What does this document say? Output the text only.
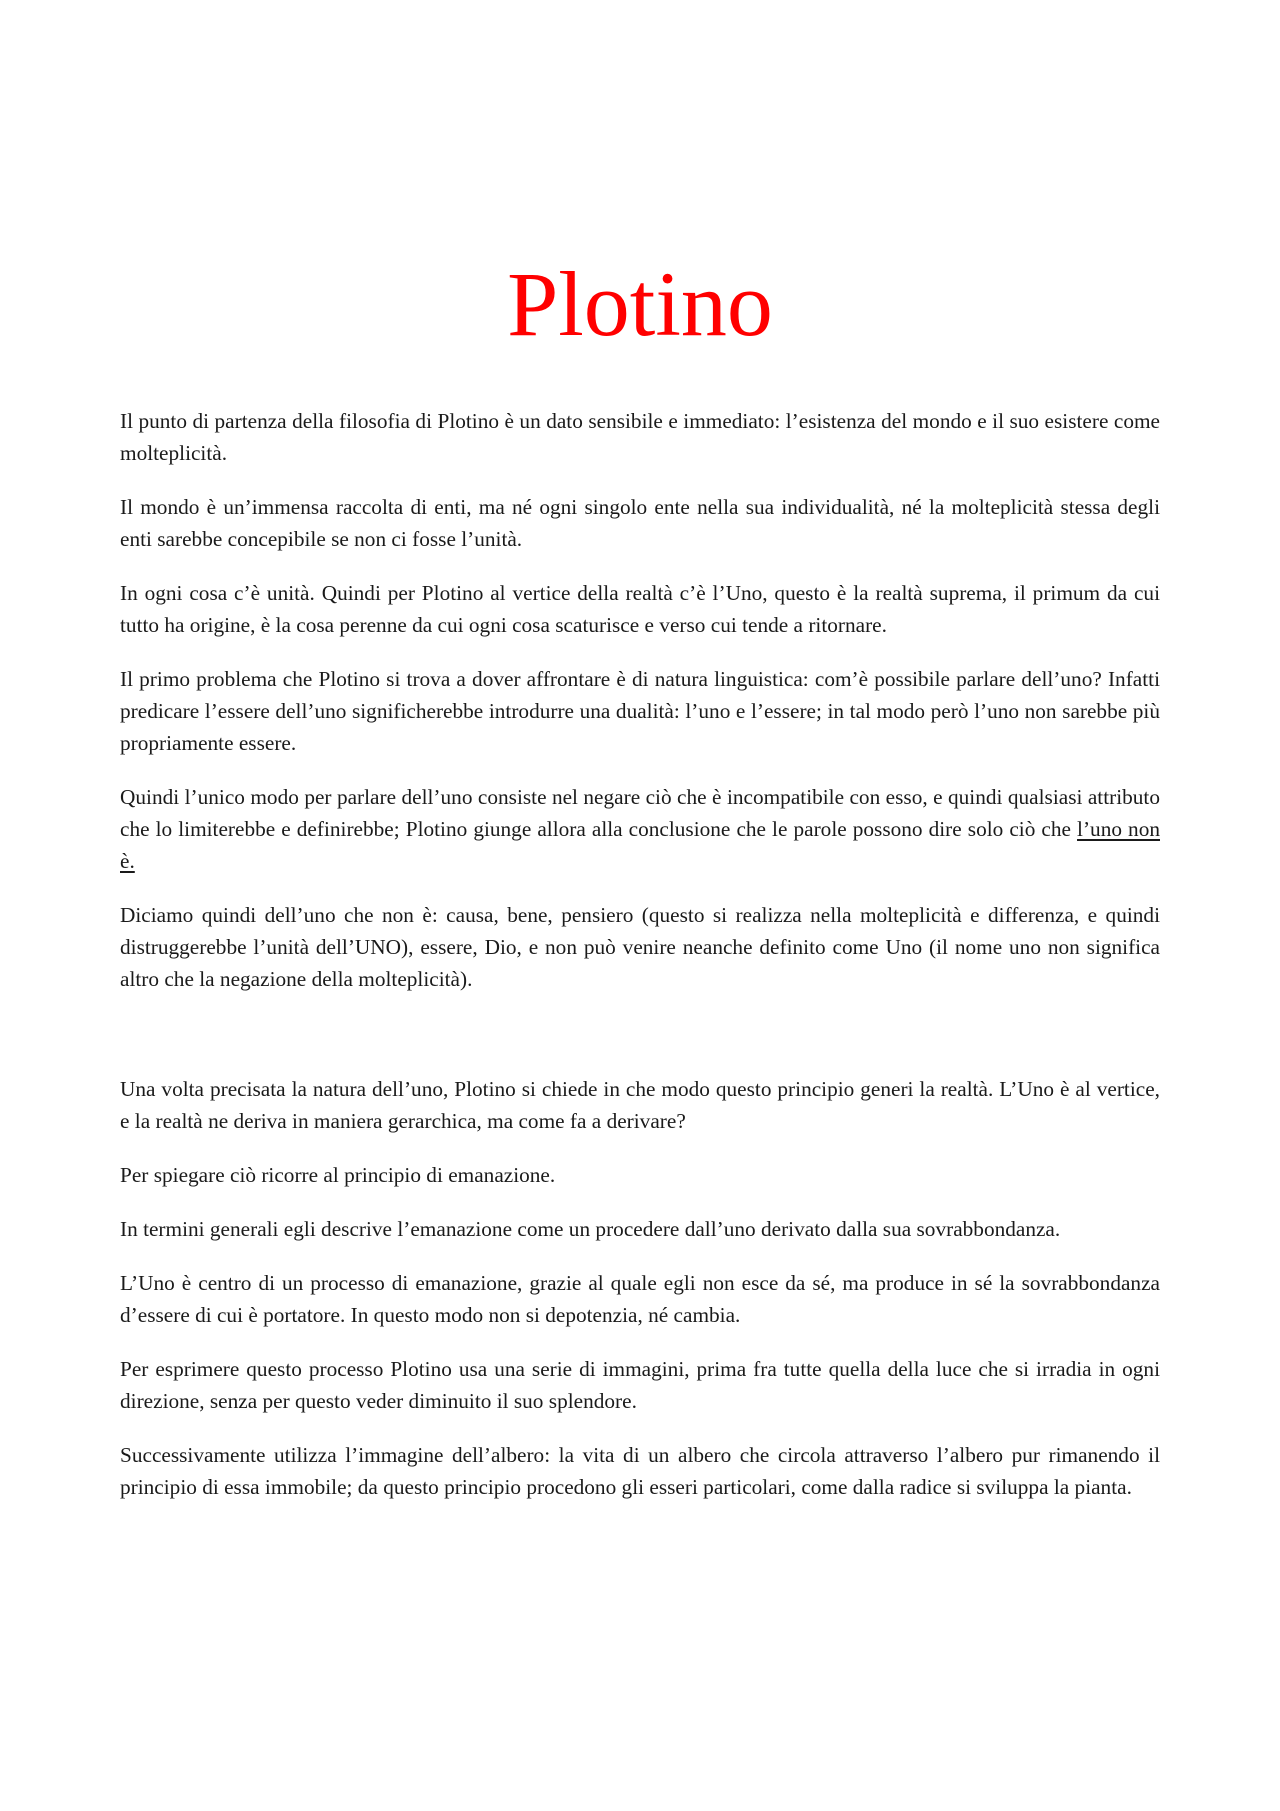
Plotino

Il punto di partenza della filosofia di Plotino è un dato sensibile e immediato: l’esistenza del mondo e il suo esistere come molteplicità.

Il mondo è un’immensa raccolta di enti, ma né ogni singolo ente nella sua individualità, né la molteplicità stessa degli enti sarebbe concepibile se non ci fosse l’unità.

In ogni cosa c’è unità. Quindi per Plotino al vertice della realtà c’è l’Uno, questo è la realtà suprema, il primum da cui tutto ha origine, è la cosa perenne da cui ogni cosa scaturisce e verso cui tende a ritornare.

Il primo problema che Plotino si trova a dover affrontare è di natura linguistica: com’è possibile parlare dell’uno? Infatti predicare l’essere dell’uno significherebbe introdurre una dualità: l’uno e l’essere; in tal modo però l’uno non sarebbe più propriamente essere.

Quindi l’unico modo per parlare dell’uno consiste nel negare ciò che è incompatibile con esso, e quindi qualsiasi attributo che lo limiterebbe e definirebbe; Plotino giunge allora alla conclusione che le parole possono dire solo ciò che l’uno non è.

Diciamo quindi dell’uno che non è: causa, bene, pensiero (questo si realizza nella molteplicità e differenza, e quindi distruggerebbe l’unità dell’UNO), essere, Dio, e non può venire neanche definito come Uno (il nome uno non significa altro che la negazione della molteplicità).

Una volta precisata la natura dell’uno, Plotino si chiede in che modo questo principio generi la realtà. L’Uno è al vertice, e la realtà ne deriva in maniera gerarchica, ma come fa a derivare?

Per spiegare ciò ricorre al principio di emanazione.

In termini generali egli descrive l’emanazione come un procedere dall’uno derivato dalla sua sovrabbondanza.

L’Uno è centro di un processo di emanazione, grazie al quale egli non esce da sé, ma produce in sé la sovrabbondanza d’essere di cui è portatore. In questo modo non si depotenzia, né cambia.

Per esprimere questo processo Plotino usa una serie di immagini, prima fra tutte quella della luce che si irradia in ogni direzione, senza per questo veder diminuito il suo splendore.

Successivamente utilizza l’immagine dell’albero: la vita di un albero che circola attraverso l’albero pur rimanendo il principio di essa immobile; da questo principio procedono gli esseri particolari, come dalla radice si sviluppa la pianta.
